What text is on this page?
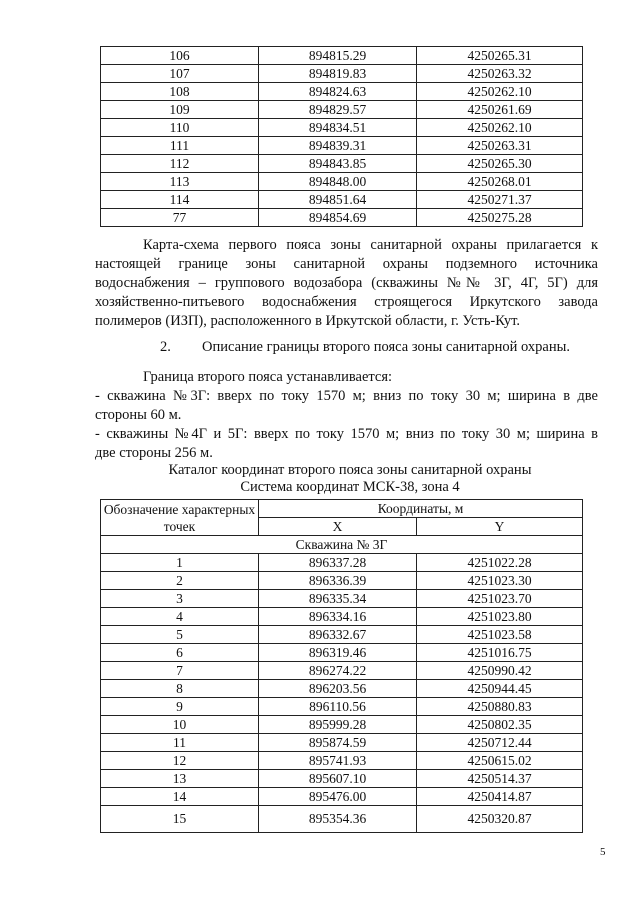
106	894815.29	4250265.31
107	894819.83	4250263.32
108	894824.63	4250262.10
109	894829.57	4250261.69
110	894834.51	4250262.10
111	894839.31	4250263.31
112	894843.85	4250265.30
113	894848.00	4250268.01
114	894851.64	4250271.37
77	894854.69	4250275.28
Карта-схема первого пояса зоны санитарной охраны прилагается к
настоящей границе зоны санитарной охраны подземного источника
водоснабжения – группового водозабора (скважины №№ 3Г, 4Г, 5Г) для
хозяйственно-питьевого водоснабжения строящегося Иркутского завода
полимеров (ИЗП), расположенного в Иркутской области, г. Усть-Кут.
2. Описание границы второго пояса зоны санитарной охраны.
Граница второго пояса устанавливается:
- скважина №3Г: вверх по току 1570 м; вниз по току 30 м; ширина в две
стороны 60 м.
- скважины №4Г и 5Г: вверх по току 1570 м; вниз по току 30 м; ширина в
две стороны 256 м.
Каталог координат второго пояса зоны санитарной охраны
Система координат МСК-38, зона 4
Обозначение характерных точек	Координаты, м	
	X	Y
Скважина № 3Г		
1	896337.28	4251022.28
2	896336.39	4251023.30
3	896335.34	4251023.70
4	896334.16	4251023.80
5	896332.67	4251023.58
6	896319.46	4251016.75
7	896274.22	4250990.42
8	896203.56	4250944.45
9	896110.56	4250880.83
10	895999.28	4250802.35
11	895874.59	4250712.44
12	895741.93	4250615.02
13	895607.10	4250514.37
14	895476.00	4250414.87
15	895354.36	4250320.87
5
